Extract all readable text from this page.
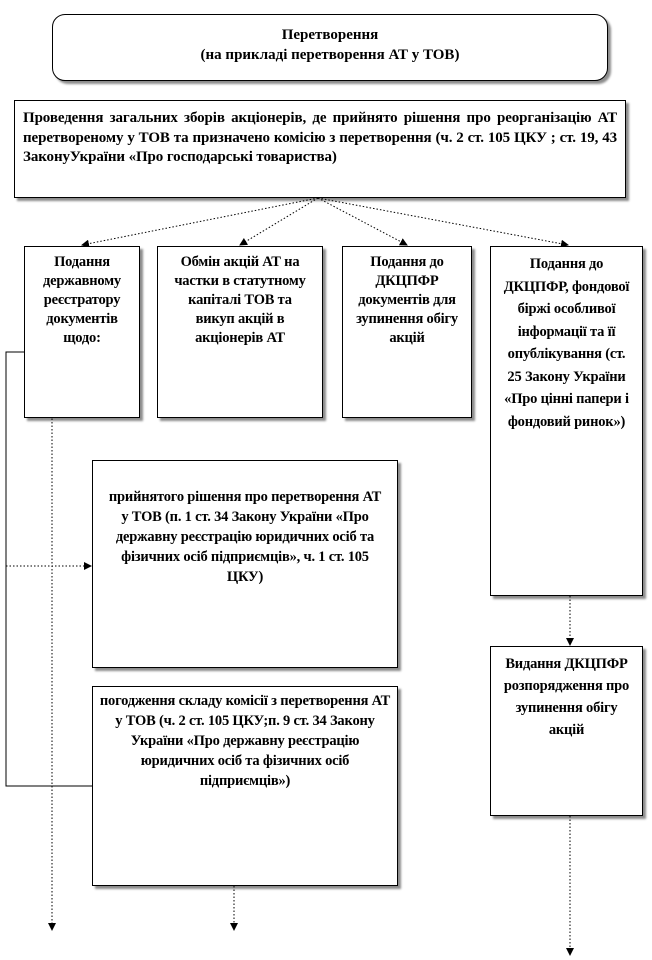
Перетворення
(на прикладі перетворення АТ у ТОВ)
Проведення загальних зборів акціонерів, де прийнято рішення про реорганізацію АТ перетвореному у ТОВ та призначено комісію з перетворення (ч. 2 ст. 105 ЦКУ ; ст. 19, 43 ЗаконуУкраїни «Про господарські товариства)
Подання державному реєстратору документів щодо:
Обмін акцій АТ на частки в статутному капіталі ТОВ та викуп акцій в акціонерів АТ
Подання до ДКЦПФР документів для зупинення обігу акцій
Подання до ДКЦПФР, фондової біржі особливої інформації та її опублікування (ст. 25 Закону України «Про цінні папери і фондовий ринок»)
прийнятого рішення про перетворення АТ у ТОВ (п. 1 ст. 34 Закону України «Про державну реєстрацію юридичних осіб та фізичних осіб підприємців», ч. 1 ст. 105 ЦКУ)
погодження складу комісії з перетворення АТ у ТОВ (ч. 2 ст. 105 ЦКУ;п. 9 ст. 34 Закону України «Про державну реєстрацію юридичних осіб та фізичних осіб підприємців»)
Видання ДКЦПФР розпорядження про зупинення обігу акцій
